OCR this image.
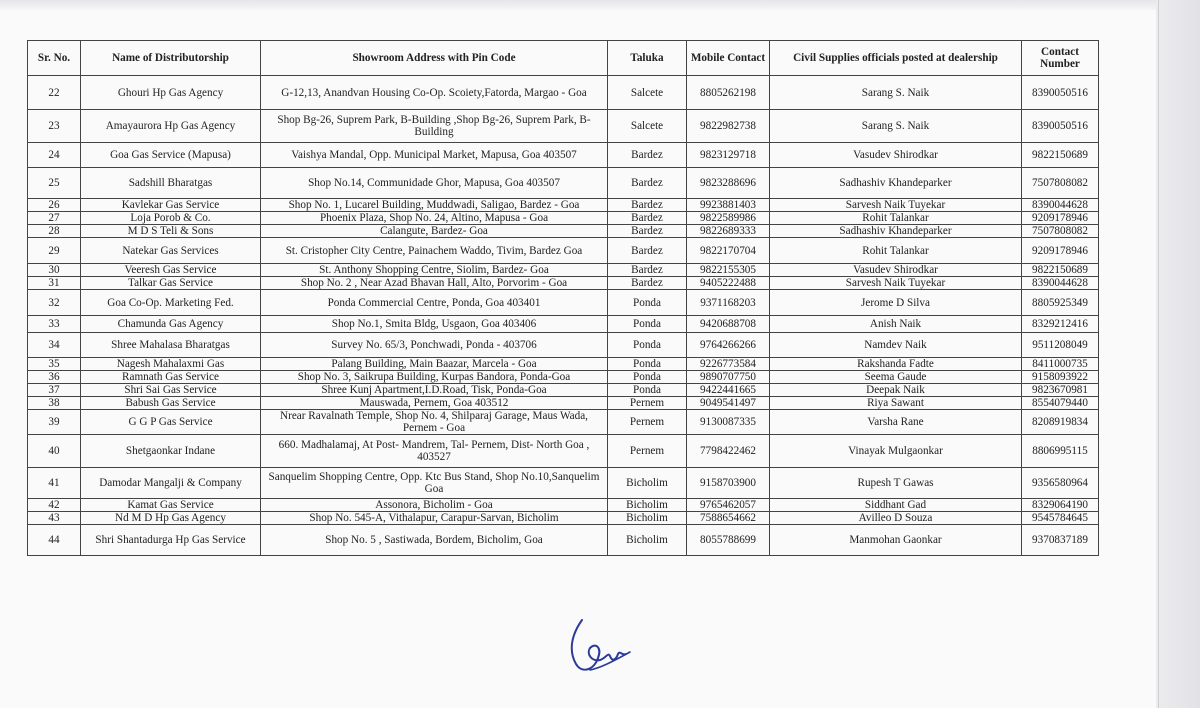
Sr. No.	Name of Distributorship	Showroom Address with Pin Code	Taluka	Mobile Contact	Civil Supplies officials posted at dealership	Contact Number
22	Ghouri Hp Gas Agency	G-12,13, Anandvan Housing Co-Op. Scoiety,Fatorda, Margao - Goa	Salcete	8805262198	Sarang S. Naik	8390050516
23	Amayaurora Hp Gas Agency	Shop Bg-26, Suprem Park, B-Building ,Shop Bg-26, Suprem Park, B-Building	Salcete	9822982738	Sarang S. Naik	8390050516
24	Goa Gas Service (Mapusa)	Vaishya Mandal, Opp. Municipal Market, Mapusa, Goa 403507	Bardez	9823129718	Vasudev Shirodkar	9822150689
25	Sadshill Bharatgas	Shop No.14, Communidade Ghor, Mapusa, Goa 403507	Bardez	9823288696	Sadhashiv Khandeparker	7507808082
26	Kavlekar Gas Service	Shop No. 1, Lucarel Building, Muddwadi, Saligao, Bardez - Goa	Bardez	9923881403	Sarvesh Naik Tuyekar	8390044628
27	Loja Porob & Co.	Phoenix Plaza, Shop No. 24, Altino, Mapusa - Goa	Bardez	9822589986	Rohit Talankar	9209178946
28	M D S Teli & Sons	Calangute, Bardez- Goa	Bardez	9822689333	Sadhashiv Khandeparker	7507808082
29	Natekar Gas Services	St. Cristopher City Centre, Painachem Waddo, Tivim, Bardez Goa	Bardez	9822170704	Rohit Talankar	9209178946
30	Veeresh Gas Service	St. Anthony Shopping Centre, Siolim, Bardez- Goa	Bardez	9822155305	Vasudev Shirodkar	9822150689
31	Talkar Gas Service	Shop No. 2 , Near Azad Bhavan Hall, Alto, Porvorim - Goa	Bardez	9405222488	Sarvesh Naik Tuyekar	8390044628
32	Goa Co-Op. Marketing Fed.	Ponda Commercial Centre, Ponda, Goa 403401	Ponda	9371168203	Jerome D Silva	8805925349
33	Chamunda Gas Agency	Shop No.1, Smita Bldg, Usgaon, Goa 403406	Ponda	9420688708	Anish Naik	8329212416
34	Shree Mahalasa Bharatgas	Survey No. 65/3, Ponchwadi, Ponda - 403706	Ponda	9764266266	Namdev Naik	9511208049
35	Nagesh Mahalaxmi Gas	Palang Building, Main Baazar, Marcela - Goa	Ponda	9226773584	Rakshanda Fadte	8411000735
36	Ramnath Gas Service	Shop No. 3, Saikrupa Building, Kurpas Bandora, Ponda-Goa	Ponda	9890707750	Seema Gaude	9158093922
37	Shri Sai Gas Service	Shree Kunj Apartment,I.D.Road, Tisk, Ponda-Goa	Ponda	9422441665	Deepak Naik	9823670981
38	Babush Gas Service	Mauswada, Pernem, Goa 403512	Pernem	9049541497	Riya Sawant	8554079440
39	G G P Gas Service	Nrear Ravalnath Temple, Shop No. 4, Shilparaj Garage, Maus Wada, Pernem - Goa	Pernem	9130087335	Varsha Rane	8208919834
40	Shetgaonkar Indane	660. Madhalamaj, At Post- Mandrem, Tal- Pernem, Dist- North Goa , 403527	Pernem	7798422462	Vinayak Mulgaonkar	8806995115
41	Damodar Mangalji & Company	Sanquelim Shopping Centre, Opp. Ktc Bus Stand, Shop No.10,Sanquelim Goa	Bicholim	9158703900	Rupesh T Gawas	9356580964
42	Kamat Gas Service	Assonora, Bicholim - Goa	Bicholim	9765462057	Siddhant Gad	8329064190
43	Nd M D Hp Gas Agency	Shop No. 545-A, Vithalapur, Carapur-Sarvan, Bicholim	Bicholim	7588654662	Avilleo D Souza	9545784645
44	Shri Shantadurga Hp Gas Service	Shop No. 5 , Sastiwada, Bordem, Bicholim, Goa	Bicholim	8055788699	Manmohan Gaonkar	9370837189
